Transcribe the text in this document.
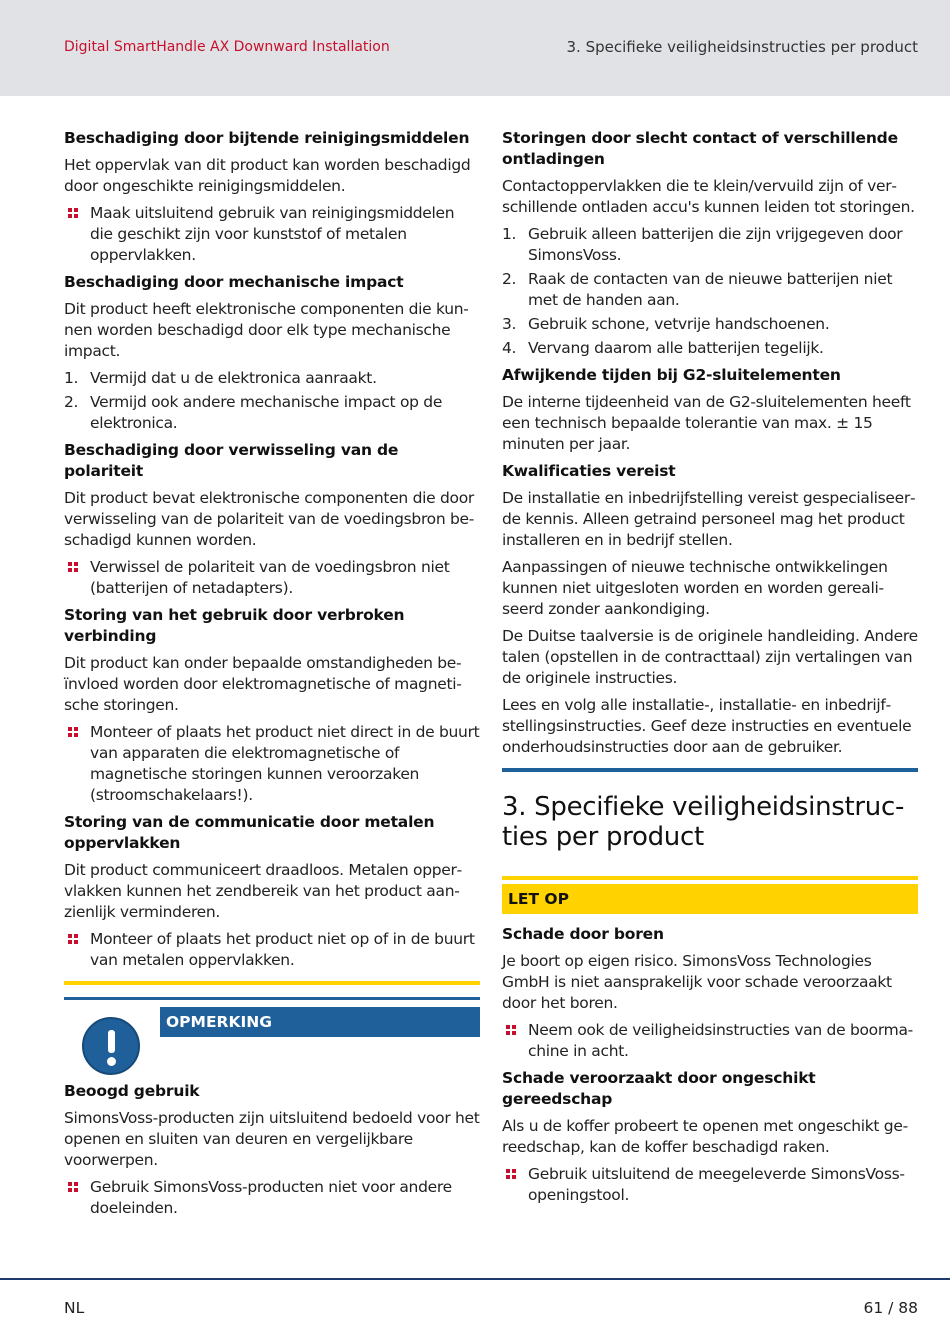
Digital SmartHandle AX Downward Installation	3. Specifieke veiligheidsinstructies per product
Beschadiging door bijtende reinigingsmiddelen
Het oppervlak van dit product kan worden beschadigd door ongeschikte reinigingsmiddelen.
Maak uitsluitend gebruik van reinigingsmiddelen die geschikt zijn voor kunststof of metalen oppervlakken.
Beschadiging door mechanische impact
Dit product heeft elektronische componenten die kunnen worden beschadigd door elk type mechanische impact.
1. Vermijd dat u de elektronica aanraakt.
2. Vermijd ook andere mechanische impact op de elektronica.
Beschadiging door verwisseling van de polariteit
Dit product bevat elektronische componenten die door verwisseling van de polariteit van de voedingsbron beschadigd kunnen worden.
Verwissel de polariteit van de voedingsbron niet (batterijen of netadapters).
Storing van het gebruik door verbroken verbinding
Dit product kan onder bepaalde omstandigheden beïnvloed worden door elektromagnetische of magnetische storingen.
Monteer of plaats het product niet direct in de buurt van apparaten die elektromagnetische of magnetische storingen kunnen veroorzaken (stroomschakelaars!).
Storing van de communicatie door metalen oppervlakken
Dit product communiceert draadloos. Metalen oppervlakken kunnen het zendbereik van het product aanzienlijk verminderen.
Monteer of plaats het product niet op of in de buurt van metalen oppervlakken.
OPMERKING
Beoogd gebruik
SimonsVoss-producten zijn uitsluitend bedoeld voor het openen en sluiten van deuren en vergelijkbare voorwerpen.
Gebruik SimonsVoss-producten niet voor andere doeleinden.
Storingen door slecht contact of verschillende ontladingen
Contactoppervlakken die te klein/vervuild zijn of verschillende ontladen accu's kunnen leiden tot storingen.
1. Gebruik alleen batterijen die zijn vrijgegeven door SimonsVoss.
2. Raak de contacten van de nieuwe batterijen niet met de handen aan.
3. Gebruik schone, vetvrije handschoenen.
4. Vervang daarom alle batterijen tegelijk.
Afwijkende tijden bij G2-sluitelementen
De interne tijdeenheid van de G2-sluitelementen heeft een technisch bepaalde tolerantie van max. ± 15 minuten per jaar.
Kwalificaties vereist
De installatie en inbedrijfstelling vereist gespecialiseerde kennis. Alleen getraind personeel mag het product installeren en in bedrijf stellen.
Aanpassingen of nieuwe technische ontwikkelingen kunnen niet uitgesloten worden en worden gerealiseerd zonder aankondiging.
De Duitse taalversie is de originele handleiding. Andere talen (opstellen in de contracttaal) zijn vertalingen van de originele instructies.
Lees en volg alle installatie-, installatie- en inbedrijfstellingsinstructies. Geef deze instructies en eventuele onderhoudsinstructies door aan de gebruiker.
3. Specifieke veiligheidsinstructies per product
LET OP
Schade door boren
Je boort op eigen risico. SimonsVoss Technologies GmbH is niet aansprakelijk voor schade veroorzaakt door het boren.
Neem ook de veiligheidsinstructies van de boormachine in acht.
Schade veroorzaakt door ongeschikt gereedschap
Als u de koffer probeert te openen met ongeschikt gereedschap, kan de koffer beschadigd raken.
Gebruik uitsluitend de meegeleverde SimonsVoss-openingstool.
NL	61 / 88
